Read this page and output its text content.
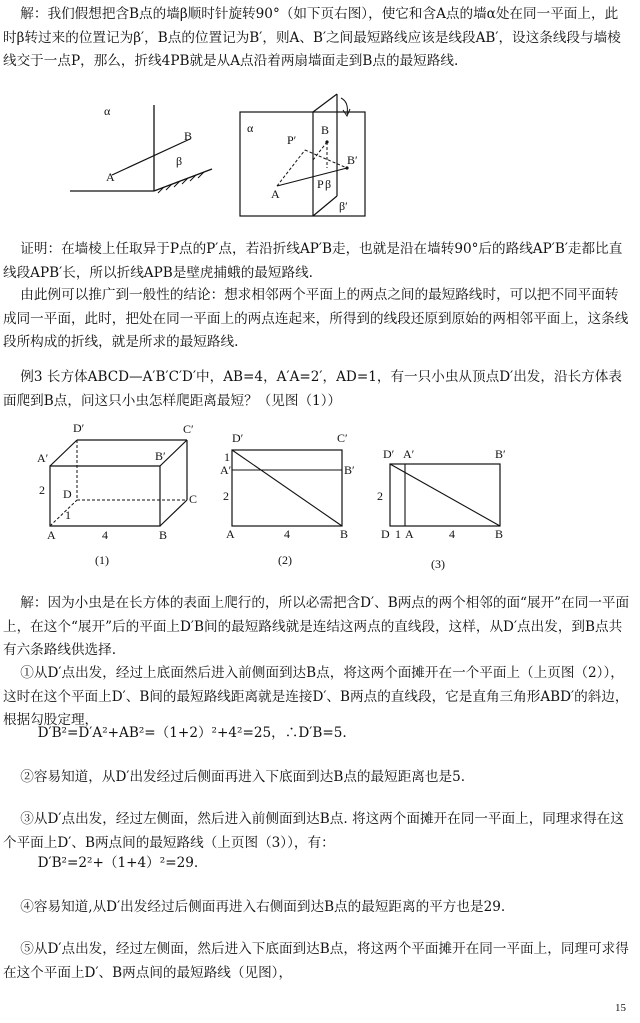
解：我们假想把含B点的墙β顺时针旋转90°（如下页右图），使它和含A点的墙α处在同一平面上，此时β转过来的位置记为β′，B点的位置记为B′，则A、B′之间最短路线应该是线段AB′，设这条线段与墙棱线交于一点P，那么，折线4PB就是从A点沿着两扇墙面走到B点的最短路线.

α
B
β
A
α
P′
B
B′
A
P β
β′

证明：在墙棱上任取异于P点的P′点，若沿折线AP′B走，也就是沿在墙转90°后的路线AP′B′走都比直线段APB′长，所以折线APB是壁虎捕蛾的最短路线.

由此例可以推广到一般性的结论：想求相邻两个平面上的两点之间的最短路线时，可以把不同平面转成同一平面，此时，把处在同一平面上的两点连起来，所得到的线段还原到原始的两相邻平面上，这条线段所构成的折线，就是所求的最短路线.

例3 长方体ABCD—A′B′C′D′中，AB=4，A′A=2′，AD=1，有一只小虫从顶点D′出发，沿长方体表面爬到B点，问这只小虫怎样爬距离最短？（见图（1））

D′	C′
A′	B′
2 D	C
1
A	4	B
(1)
D′	C′
1
A′	B′
2
A	4	B
(2)
D′ A′	B′
2
D 1 A	4	B
(3)

解：因为小虫是在长方体的表面上爬行的，所以必需把含D′、B两点的两个相邻的面“展开”在同一平面上，在这个“展开”后的平面上D′B间的最短路线就是连结这两点的直线段，这样，从D′点出发，到B点共有六条路线供选择.

①从D′点出发，经过上底面然后进入前侧面到达B点，将这两个面摊开在一个平面上（上页图（2）），这时在这个平面上D′、B间的最短路线距离就是连接D′、B两点的直线段，它是直角三角形ABD′的斜边，根据勾股定理，

D′B²=D′A²+AB²=（1+2）²+4²=25，∴D′B=5.

②容易知道，从D′出发经过后侧面再进入下底面到达B点的最短距离也是5.

③从D′点出发，经过左侧面，然后进入前侧面到达B点. 将这两个面摊开在同一平面上，同理求得在这个平面上D′、B两点间的最短路线（上页图（3）），有：

D′B²=2²+（1+4）²=29.

④容易知道,从D′出发经过后侧面再进入右侧面到达B点的最短距离的平方也是29.

⑤从D′点出发，经过左侧面，然后进入下底面到达B点，将这两个平面摊开在同一平面上，同理可求得在这个平面上D′、B两点间的最短路线（见图），

15
